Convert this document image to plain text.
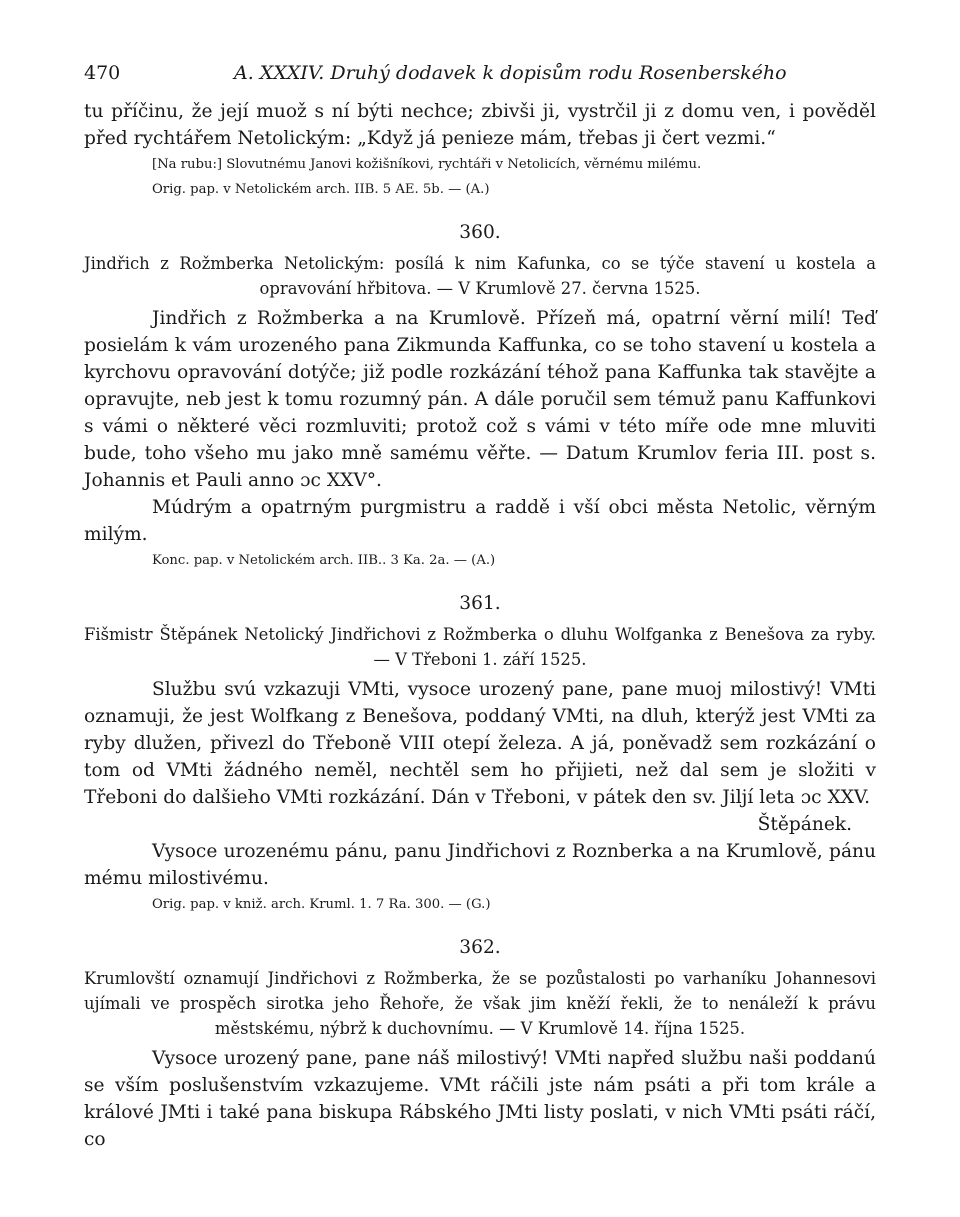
470	A. XXXIV. Druhý dodavek k dopisům rodu Rosenberského

tu příčinu, že její muož s ní býti nechce; zbivši ji, vystrčil ji z domu ven, i pověděl před rychtářem Netolickým: „Když já penieze mám, třebas ji čert vezmi.“

[Na rubu:] Slovutnému Janovi kožišníkovi, rychtáři v Netolicích, věrnému milému.

Orig. pap. v Netolickém arch. IIB. 5 AE. 5b. — (A.)

360.

Jindřich z Rožmberka Netolickým: posílá k nim Kafunka, co se týče stavení u kostela a opravování hřbitova. — V Krumlově 27. června 1525.

Jindřich z Rožmberka a na Krumlově. Přízeň má, opatrní věrní milí! Teď posielám k vám urozeného pana Zikmunda Kaffunka, co se toho stavení u kostela a kyrchovu opravování dotýče; již podle rozkázání téhož pana Kaffunka tak stavějte a opravujte, neb jest k tomu rozumný pán. A dále poručil sem témuž panu Kaffunkovi s vámi o některé věci rozmluviti; protož což s vámi v této míře ode mne mluviti bude, toho všeho mu jako mně samému věřte. — Datum Krumlov feria III. post s. Johannis et Pauli anno ɔc XXV°.

Múdrým a opatrným purgmistru a raddě i vší obci města Netolic, věrným milým.

Konc. pap. v Netolickém arch. IIB.. 3 Ka. 2a. — (A.)

361.

Fišmistr Štěpánek Netolický Jindřichovi z Rožmberka o dluhu Wolfganka z Benešova za ryby. — V Třeboni 1. září 1525.

Službu svú vzkazuji VMti, vysoce urozený pane, pane muoj milostivý! VMti oznamuji, že jest Wolfkang z Benešova, poddaný VMti, na dluh, kterýž jest VMti za ryby dlužen, přivezl do Třeboně VIII otepí železa. A já, poněvadž sem rozkázání o tom od VMti žádného neměl, nechtěl sem ho přijieti, než dal sem je složiti v Třeboni do dalšieho VMti rozkázání. Dán v Třeboni, v pátek den sv. Jiljí leta ɔc XXV.

Štěpánek.

Vysoce urozenému pánu, panu Jindřichovi z Roznberka a na Krumlově, pánu mému milostivému.

Orig. pap. v kniž. arch. Kruml. 1. 7 Ra. 300. — (G.)

362.

Krumlovští oznamují Jindřichovi z Rožmberka, že se pozůstalosti po varhaníku Johannesovi ujímali ve prospěch sirotka jeho Řehoře, že však jim kněží řekli, že to nenáleží k právu městskému, nýbrž k duchovnímu. — V Krumlově 14. října 1525.

Vysoce urozený pane, pane náš milostivý! VMti napřed službu naši poddanú se vším poslušenstvím vzkazujeme. VMt ráčili jste nám psáti a při tom krále a králové JMti i také pana biskupa Rábského JMti listy poslati, v nich VMti psáti ráčí, co
